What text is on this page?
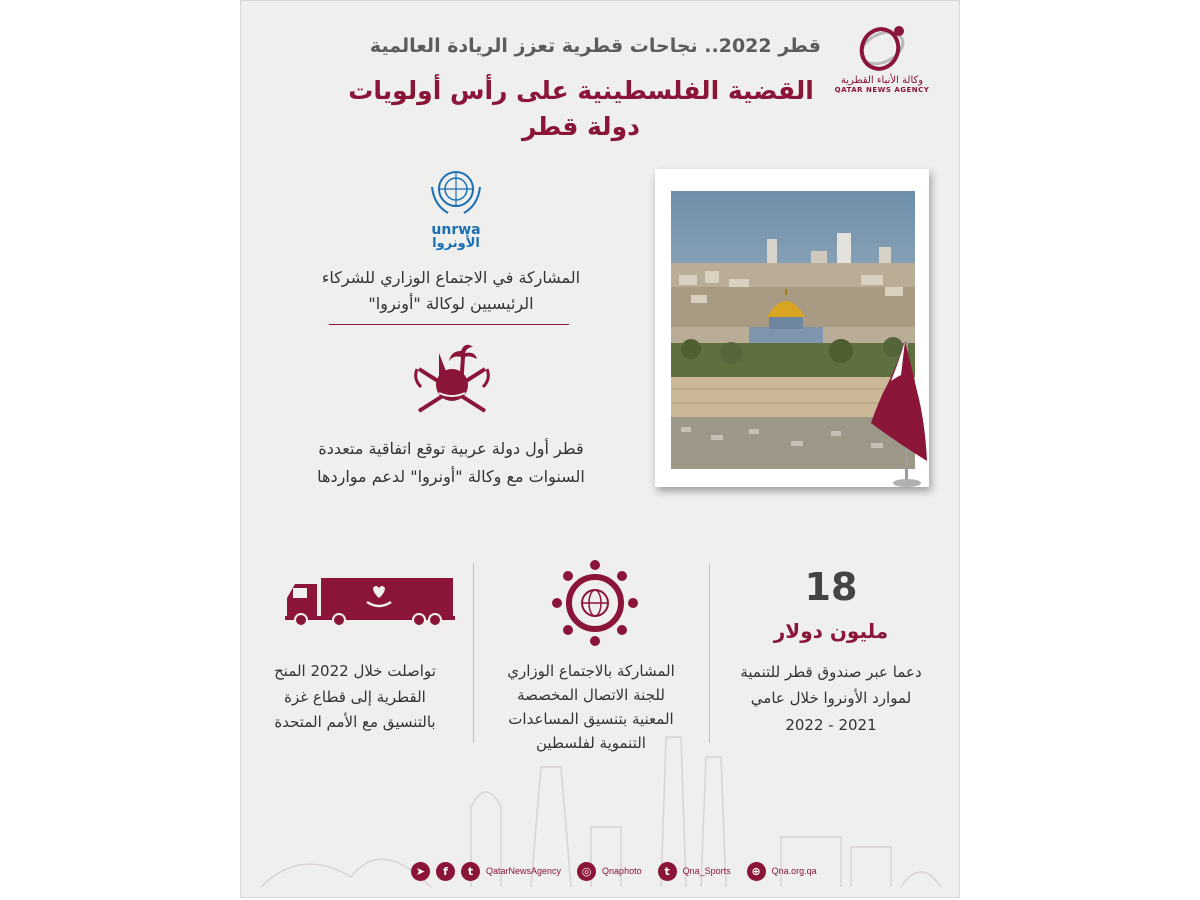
وكالة الأنباء القطرية
QATAR NEWS AGENCY
قطر 2022.. نجاحات قطرية تعزز الريادة العالمية
القضية الفلسطينية على رأس أولويات
دولة قطر
unrwa
الأونروا
المشاركة في الاجتماع الوزاري للشركاء
الرئيسيين لوكالة "أونروا"
قطر أول دولة عربية توقع اتفاقية متعددة
السنوات مع وكالة "أونروا" لدعم مواردها
تواصلت خلال 2022 المنح
القطرية إلى قطاع غزة
بالتنسيق مع الأمم المتحدة
المشاركة بالاجتماع الوزاري
للجنة الاتصال المخصصة
المعنية بتنسيق المساعدات
التنموية لفلسطين
18
مليون دولار
دعما عبر صندوق قطر للتنمية
لموارد الأونروا خلال عامي
2021 - 2022
➤	f	t	QatarNewsAgency	◎	Qnaphoto	t	Qna_Sports	⊕	Qna.org.qa
